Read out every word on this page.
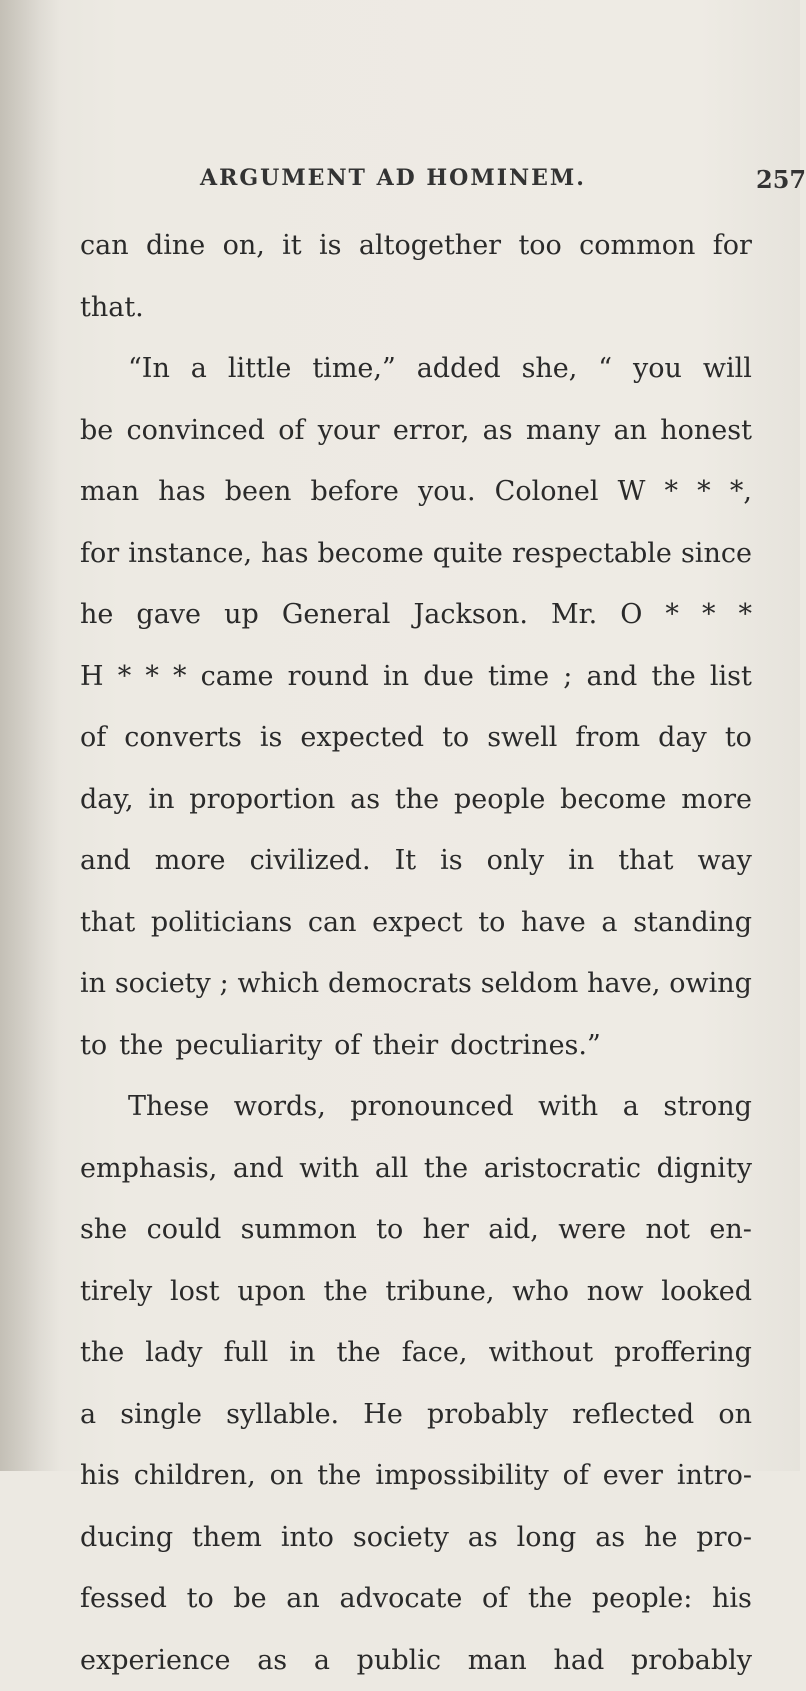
ARGUMENT AD HOMINEM.	257
can dine on, it is altogether too common for
that.
“In a little time,” added she, “ you will
be convinced of your error, as many an honest
man has been before you. Colonel W * * *,
for instance, has become quite respectable since
he gave up General Jackson. Mr. O * * *
H * * * came round in due time ; and the list
of converts is expected to swell from day to
day, in proportion as the people become more
and more civilized. It is only in that way
that politicians can expect to have a standing
in society ; which democrats seldom have, owing
to the peculiarity of their doctrines.”
These words, pronounced with a strong
emphasis, and with all the aristocratic dignity
she could summon to her aid, were not en-
tirely lost upon the tribune, who now looked
the lady full in the face, without proffering
a single syllable. He probably reflected on
his children, on the impossibility of ever intro-
ducing them into society as long as he pro-
fessed to be an advocate of the people: his
experience as a public man had probably
